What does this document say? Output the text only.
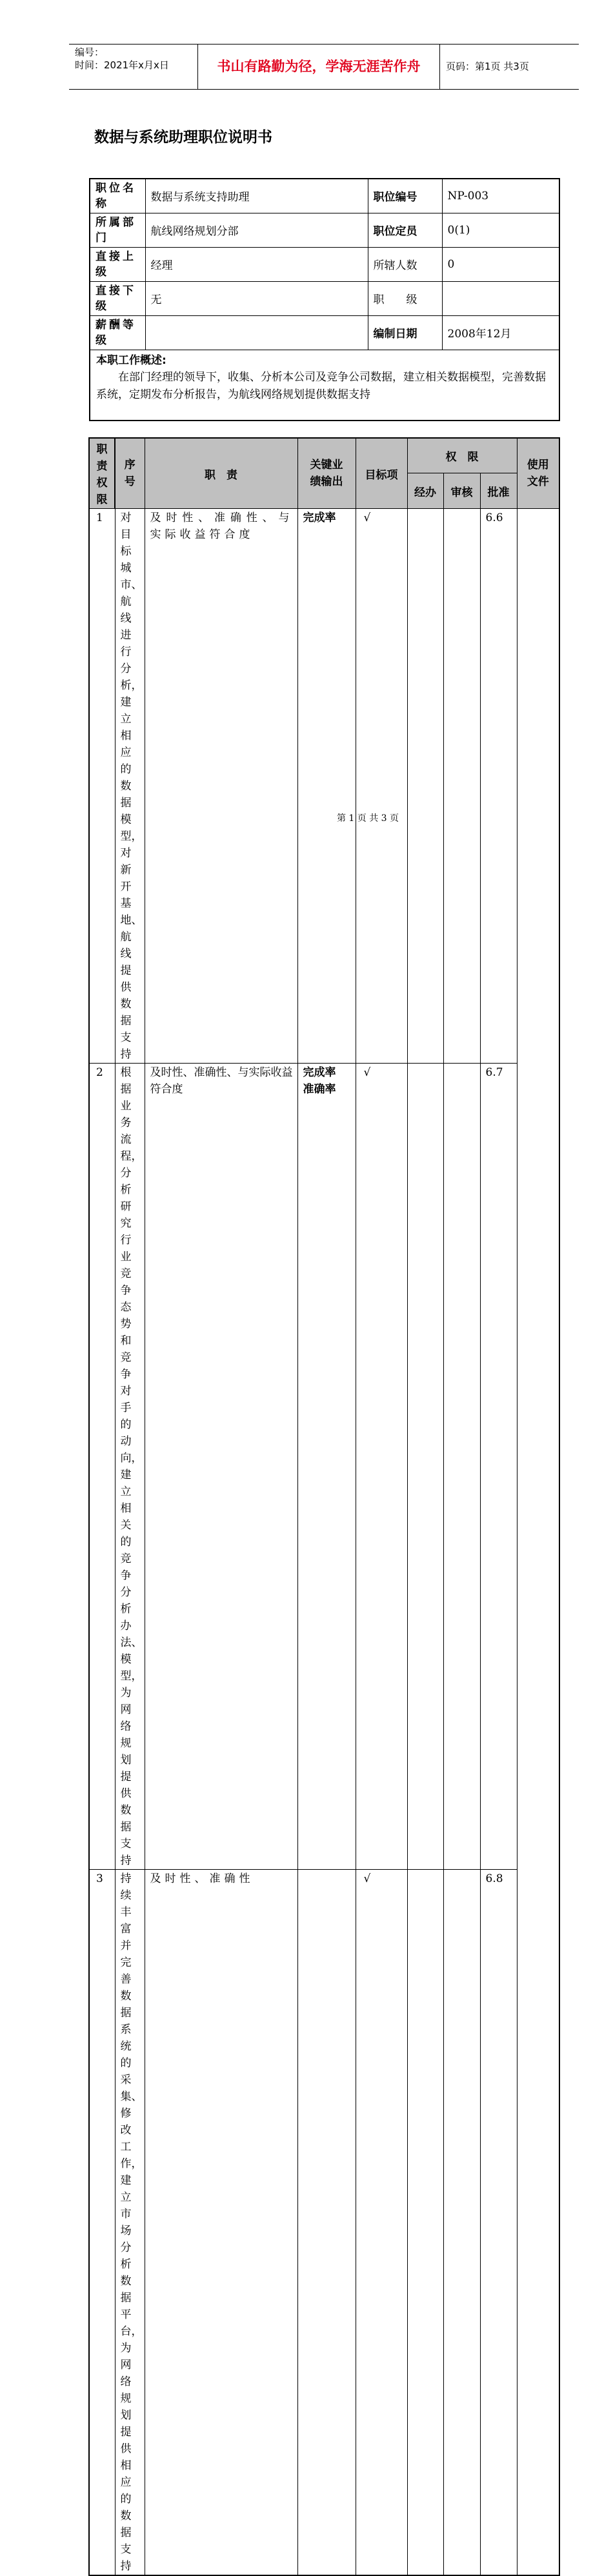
编号：
时间：2021年x月x日	书山有路勤为径，学海无涯苦作舟	页码：第1页 共3页
数据与系统助理职位说明书
职位名称	数据与系统支持助理	职位编号	NP-003
所属部门	航线网络规划分部	职位定员	0(1)
直接上级	经理	所辖人数	0
直接下级	无	职　　级	
薪酬等级		编制日期	2008年12月

本职工作概述:
在部门经理的领导下，收集、分析本公司及竞争公司数据，建立相关数据模型，完善数据系统，定期发布分析报告，为航线网络规划提供数据支持			
职责权限	序号	职　责	关键业绩输出	目标项	权　限			使用文件

					经办	审核	批准	
1	对目标城市、航线进行分析，建立相应的数据模型，对新开基地、航线提供数据支持	及时性、准确性、与实际收益符合度	完成率	√			6.6	
2	根据业务流程，分析研究行业竞争态势和竞争对手的动向，建立相关的竞争分析办法、模型，为网络规划提供数据支持	及时性、准确性、与实际收益符合度	完成率准确率	√			6.7	
3	持续丰富并完善数据系统的采集、修改工作，建立市场分析数据平台，为网络规划提供相应的数据支持	及时性、准确性		√			6.8	
第 1 页 共 3 页
